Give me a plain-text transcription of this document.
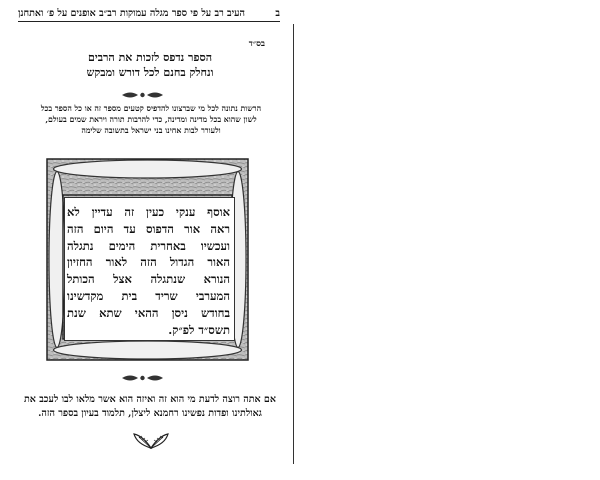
העיב רב על פי ספר מגלה עמוקות רב״ב אופנים על פ׳ ואתחנן	ב
בס״ד
הספר נדפס לזכות את הרבים
ונחלק בחנם לכל דורש ומבקש
הרשות נתונה לכל מי שברצונו להדפיס קטעים מספר זה או כל הספר בכל
לשון שהוא בכל מדינה ומדינה, כדי להרבות תורה ויראת שמים בעולם,
ולעורר לבות אחינו בני ישראל בתשובה שלימה
אוסף ענקי כעין זה עדיין לא
ראה אור הדפוס עד היום הזה
ועכשיו באחרית הימים נתגלה
האור הגדול הזה לאור החזיון
הנורא שנתגלה אצל הכותל
המערבי שריד בית מקדשינו
בחודש ניסן ההאי שתא שנת
תשס״ד לפ״ק.
אם אתה רוצה לדעת מי הוא זה ואיזה הוא אשר מלאו לבו לעכב את
גאולתינו ופדות נפשינו רחמנא ליצלן, תלמוד בעיון בספר הזה.
